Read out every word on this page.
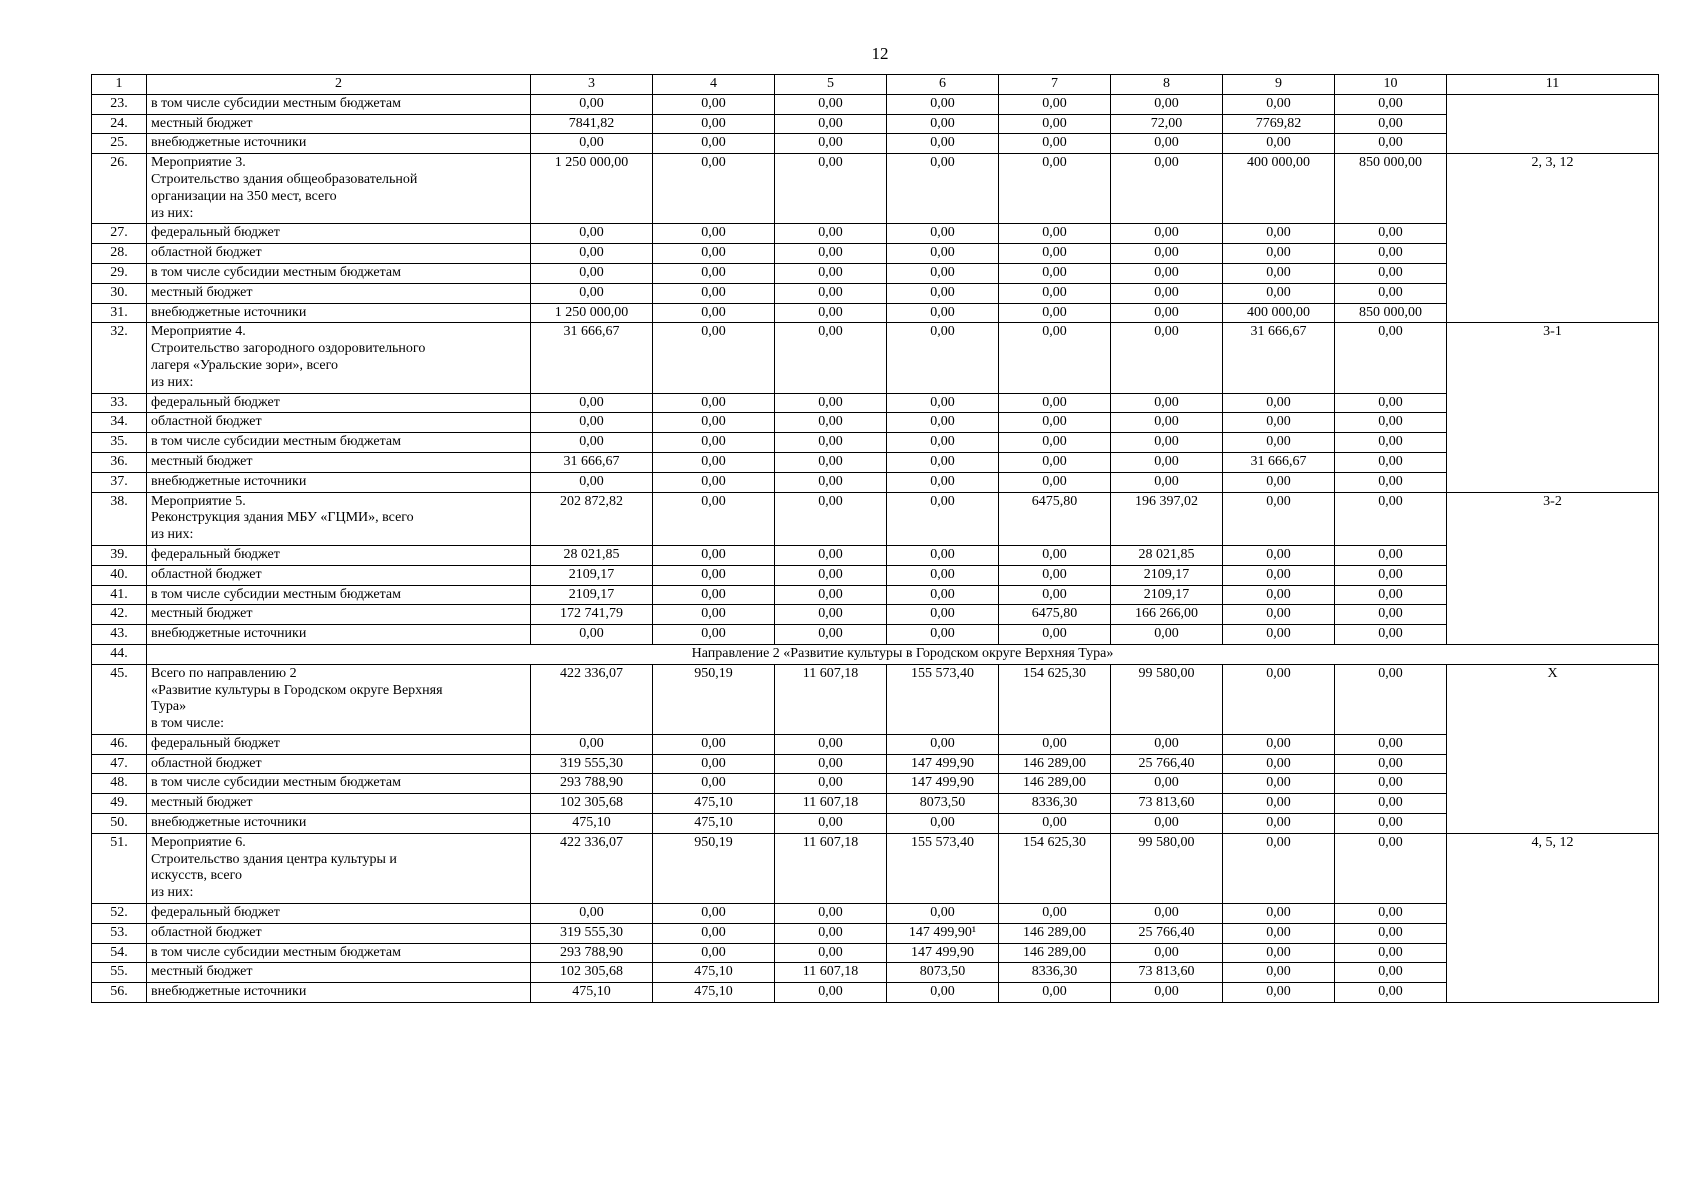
12
1	2	3	4	5	6	7	8	9	10	11
23.	в том числе субсидии местным бюджетам	0,00	0,00	0,00	0,00	0,00	0,00	0,00	0,00	
24.	местный бюджет	7841,82	0,00	0,00	0,00	0,00	72,00	7769,82	0,00	
25.	внебюджетные источники	0,00	0,00	0,00	0,00	0,00	0,00	0,00	0,00	
26.	Мероприятие 3.
Строительство здания общеобразовательной
организации на 350 мест, всего
из них:	1 250 000,00	0,00	0,00	0,00	0,00	0,00	400 000,00	850 000,00	2, 3, 12
27.	федеральный бюджет	0,00	0,00	0,00	0,00	0,00	0,00	0,00	0,00	
28.	областной бюджет	0,00	0,00	0,00	0,00	0,00	0,00	0,00	0,00	
29.	в том числе субсидии местным бюджетам	0,00	0,00	0,00	0,00	0,00	0,00	0,00	0,00	
30.	местный бюджет	0,00	0,00	0,00	0,00	0,00	0,00	0,00	0,00	
31.	внебюджетные источники	1 250 000,00	0,00	0,00	0,00	0,00	0,00	400 000,00	850 000,00	
32.	Мероприятие 4.
Строительство загородного оздоровительного
лагеря «Уральские зори», всего
из них:	31 666,67	0,00	0,00	0,00	0,00	0,00	31 666,67	0,00	3-1
33.	федеральный бюджет	0,00	0,00	0,00	0,00	0,00	0,00	0,00	0,00	
34.	областной бюджет	0,00	0,00	0,00	0,00	0,00	0,00	0,00	0,00	
35.	в том числе субсидии местным бюджетам	0,00	0,00	0,00	0,00	0,00	0,00	0,00	0,00	
36.	местный бюджет	31 666,67	0,00	0,00	0,00	0,00	0,00	31 666,67	0,00	
37.	внебюджетные источники	0,00	0,00	0,00	0,00	0,00	0,00	0,00	0,00	
38.	Мероприятие 5.
Реконструкция здания МБУ «ГЦМИ», всего
из них:	202 872,82	0,00	0,00	0,00	6475,80	196 397,02	0,00	0,00	3-2
39.	федеральный бюджет	28 021,85	0,00	0,00	0,00	0,00	28 021,85	0,00	0,00	
40.	областной бюджет	2109,17	0,00	0,00	0,00	0,00	2109,17	0,00	0,00	
41.	в том числе субсидии местным бюджетам	2109,17	0,00	0,00	0,00	0,00	2109,17	0,00	0,00	
42.	местный бюджет	172 741,79	0,00	0,00	0,00	6475,80	166 266,00	0,00	0,00	
43.	внебюджетные источники	0,00	0,00	0,00	0,00	0,00	0,00	0,00	0,00	
44.	Направление 2 «Развитие культуры в Городском округе Верхняя Тура»									
45.	Всего по направлению 2
«Развитие культуры в Городском округе Верхняя
Тура»
в том числе:	422 336,07	950,19	11 607,18	155 573,40	154 625,30	99 580,00	0,00	0,00	X
46.	федеральный бюджет	0,00	0,00	0,00	0,00	0,00	0,00	0,00	0,00	
47.	областной бюджет	319 555,30	0,00	0,00	147 499,90	146 289,00	25 766,40	0,00	0,00	
48.	в том числе субсидии местным бюджетам	293 788,90	0,00	0,00	147 499,90	146 289,00	0,00	0,00	0,00	
49.	местный бюджет	102 305,68	475,10	11 607,18	8073,50	8336,30	73 813,60	0,00	0,00	
50.	внебюджетные источники	475,10	475,10	0,00	0,00	0,00	0,00	0,00	0,00	
51.	Мероприятие 6.
Строительство здания центра культуры и
искусств, всего
из них:	422 336,07	950,19	11 607,18	155 573,40	154 625,30	99 580,00	0,00	0,00	4, 5, 12
52.	федеральный бюджет	0,00	0,00	0,00	0,00	0,00	0,00	0,00	0,00	
53.	областной бюджет	319 555,30	0,00	0,00	147 499,90¹	146 289,00	25 766,40	0,00	0,00	
54.	в том числе субсидии местным бюджетам	293 788,90	0,00	0,00	147 499,90	146 289,00	0,00	0,00	0,00	
55.	местный бюджет	102 305,68	475,10	11 607,18	8073,50	8336,30	73 813,60	0,00	0,00	
56.	внебюджетные источники	475,10	475,10	0,00	0,00	0,00	0,00	0,00	0,00	
